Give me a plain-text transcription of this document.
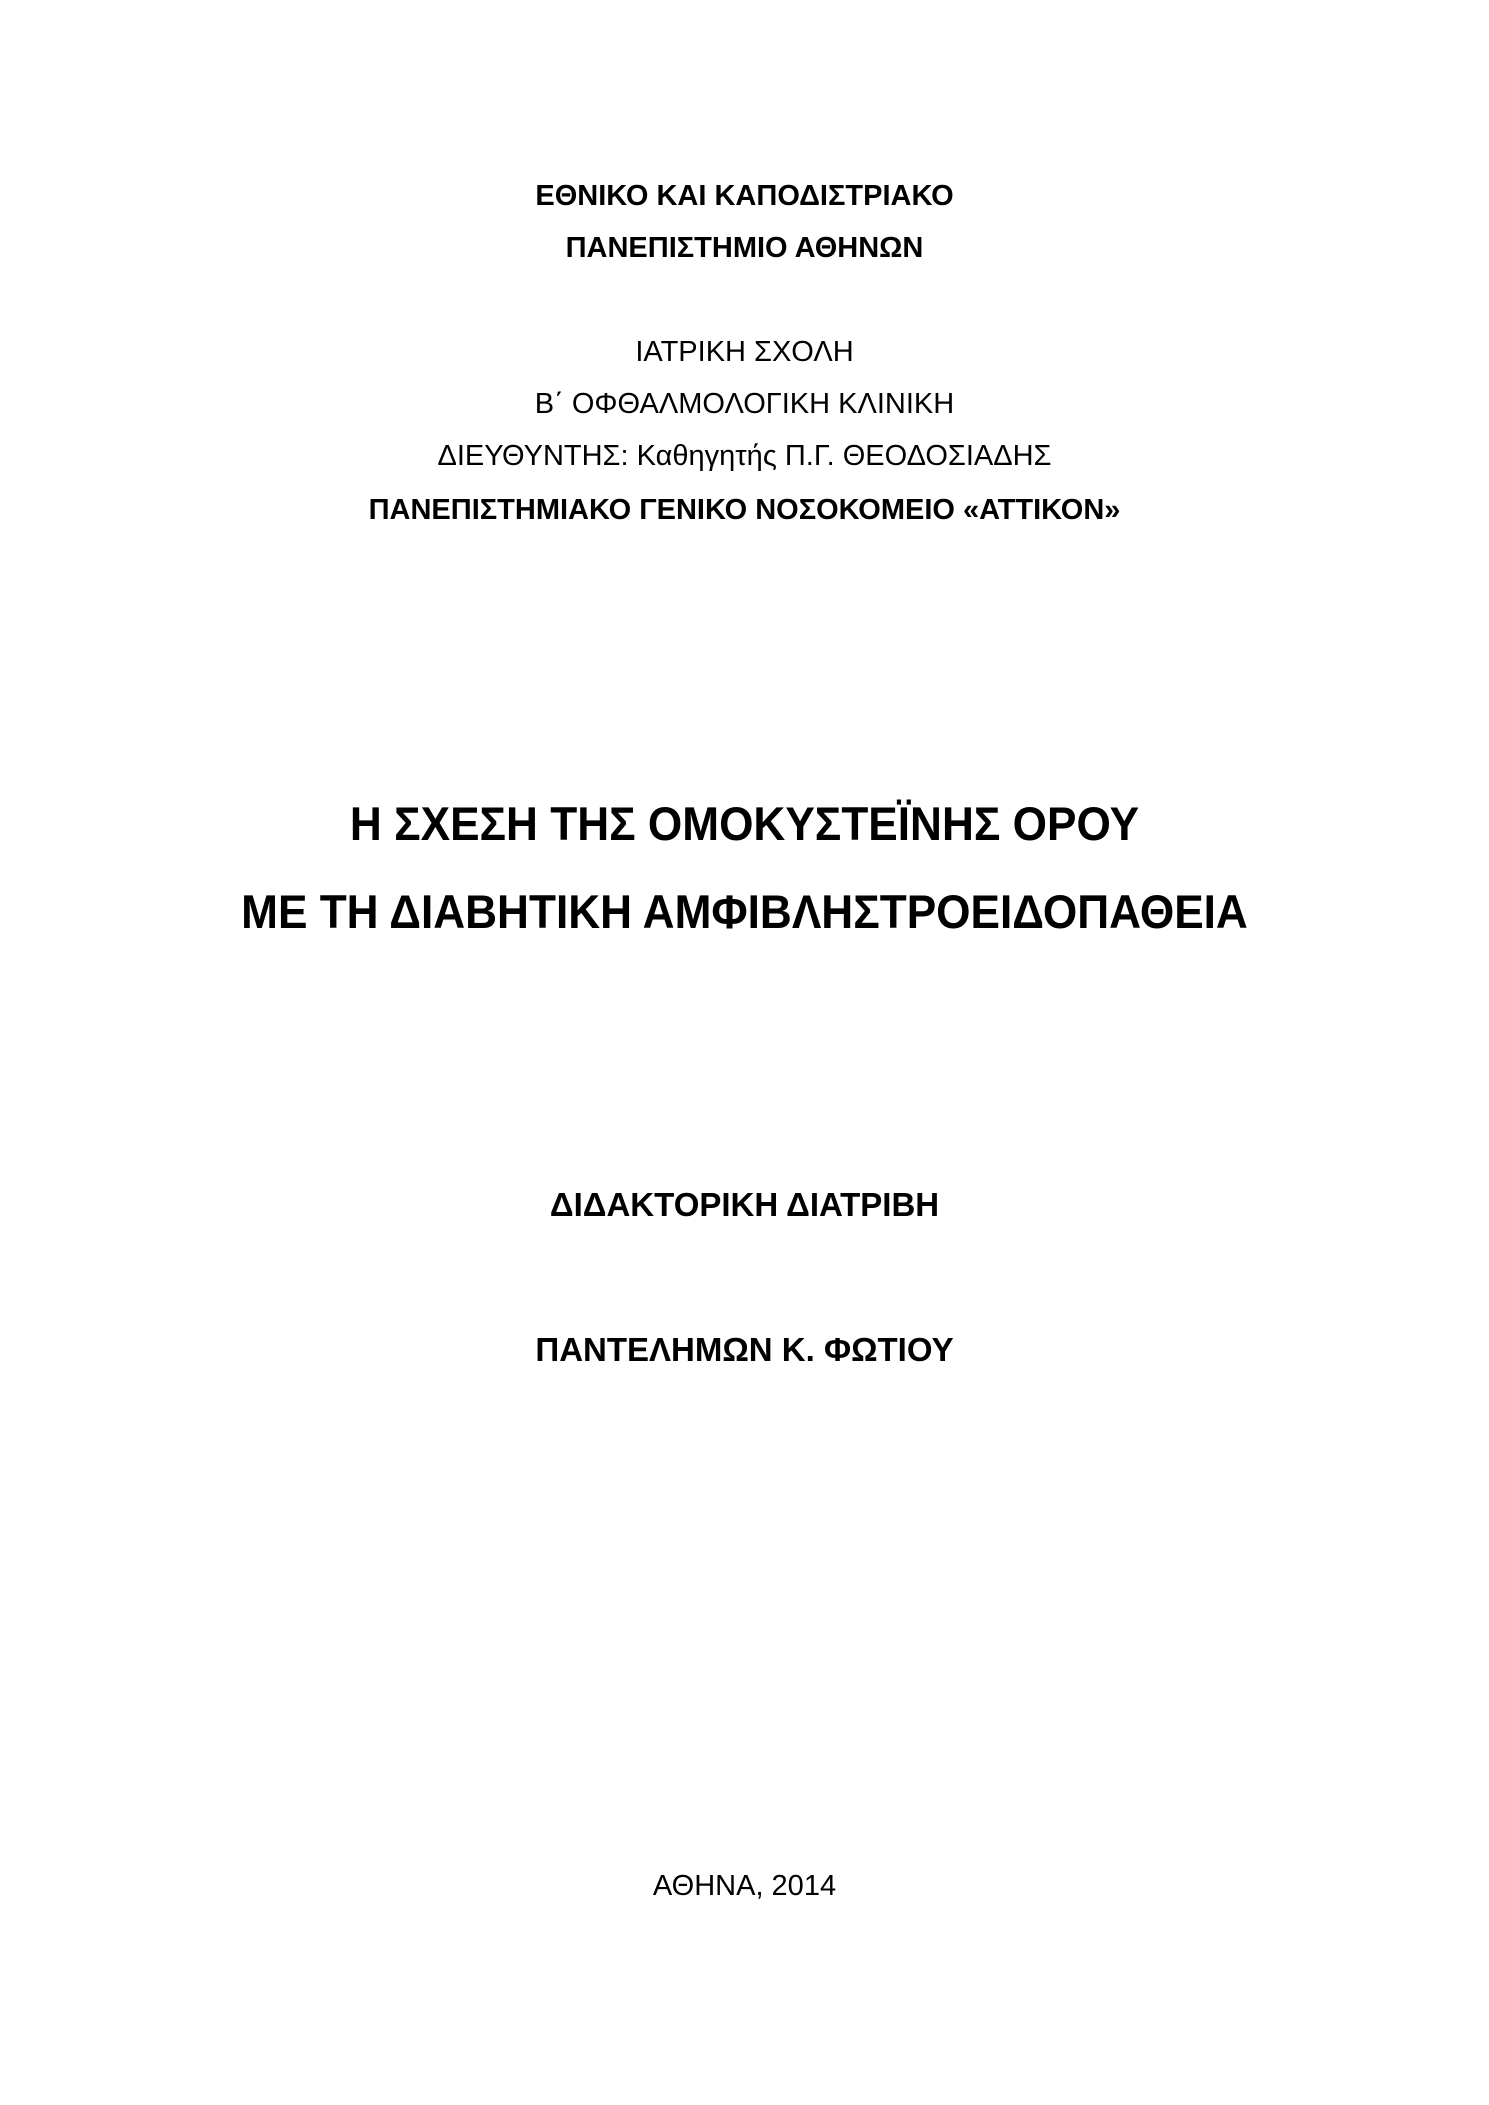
ΕΘΝΙΚΟ ΚΑΙ ΚΑΠΟΔΙΣΤΡΙΑΚΟ
ΠΑΝΕΠΙΣΤΗΜΙΟ ΑΘΗΝΩΝ
ΙΑΤΡΙΚΗ ΣΧΟΛΗ
Β΄ ΟΦΘΑΛΜΟΛΟΓΙΚΗ ΚΛΙΝΙΚΗ
ΔΙΕΥΘΥΝΤΗΣ: Καθηγητής Π.Γ. ΘΕΟΔΟΣΙΑΔΗΣ
ΠΑΝΕΠΙΣΤΗΜΙΑΚΟ ΓΕΝΙΚΟ ΝΟΣΟΚΟΜΕΙΟ «ΑΤΤΙΚΟΝ»
Η ΣΧΕΣΗ ΤΗΣ ΟΜΟΚΥΣΤΕΪΝΗΣ ΟΡΟΥ
ΜΕ ΤΗ ΔΙΑΒΗΤΙΚΗ ΑΜΦΙΒΛΗΣΤΡΟΕΙΔΟΠΑΘΕΙΑ
ΔΙΔΑΚΤΟΡΙΚΗ ΔΙΑΤΡΙΒΗ
ΠΑΝΤΕΛΗΜΩΝ Κ. ΦΩΤΙΟΥ
ΑΘΗΝΑ, 2014
